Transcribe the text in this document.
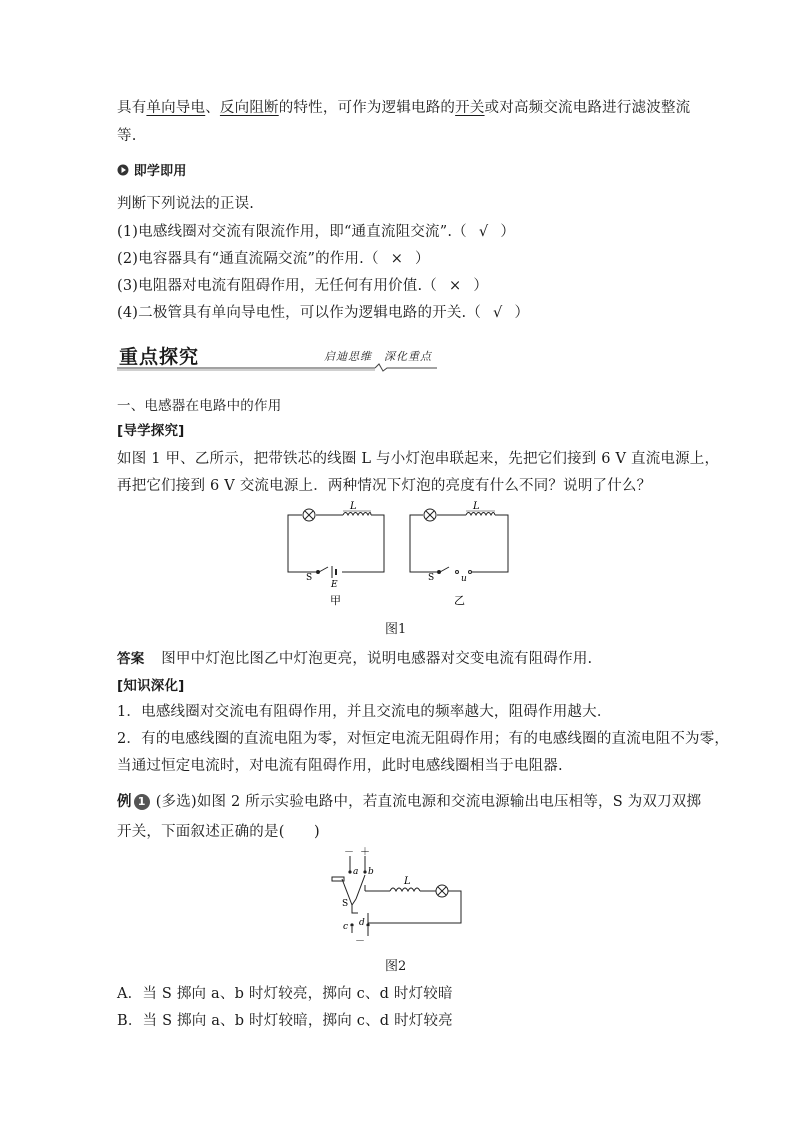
具有单向导电、反向阻断的特性，可作为逻辑电路的开关或对高频交流电路进行滤波整流
等.
即学即用
判断下列说法的正误.
(1)电感线圈对交流有限流作用，即“通直流阻交流”.（ √ ）
(2)电容器具有“通直流隔交流”的作用.（ × ）
(3)电阻器对电流有阻碍作用，无任何有用价值.（ × ）
(4)二极管具有单向导电性，可以作为逻辑电路的开关.（ √ ）
重点探究	启迪思维　深化重点
一、电感器在电路中的作用
[导学探究]
如图 1 甲、乙所示，把带铁芯的线圈 L 与小灯泡串联起来，先把它们接到 6 V 直流电源上，
再把它们接到 6 V 交流电源上．两种情况下灯泡的亮度有什么不同？说明了什么？
L
S
E
甲
L
S	u
乙
图1
答案 图甲中灯泡比图乙中灯泡更亮，说明电感器对交变电流有阻碍作用.
[知识深化]
1．电感线圈对交流电有阻碍作用，并且交流电的频率越大，阻碍作用越大．
2．有的电感线圈的直流电阻为零，对恒定电流无阻碍作用；有的电感线圈的直流电阻不为零，
当通过恒定电流时，对电流有阻碍作用，此时电感线圈相当于电阻器.
例 1 (多选)如图 2 所示实验电路中，若直流电源和交流电源输出电压相等，S 为双刀双掷
开关，下面叙述正确的是(　　)
－ ＋
a b
S
L
c d
－
图2
A．当 S 掷向 a、b 时灯较亮，掷向 c、d 时灯较暗
B．当 S 掷向 a、b 时灯较暗，掷向 c、d 时灯较亮
